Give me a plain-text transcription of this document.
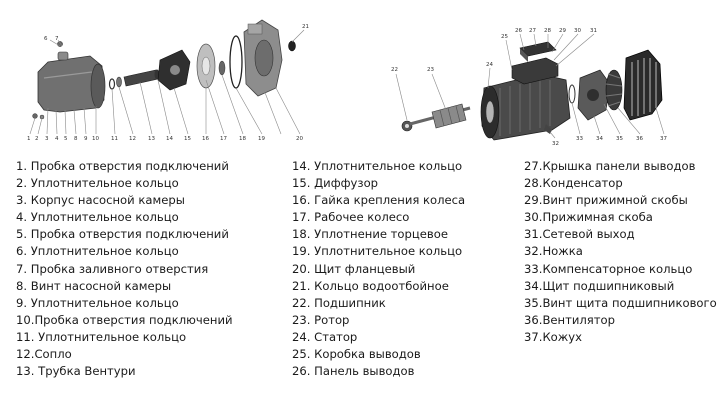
1 2 3 4 5
6 7
8 9 10 11 12 13 14 15 16 17 18 19	20
21
22	23
24
25
26 27 28 29 30 31
32
33 34 35 36	37
1. Пробка отверстия подключений
2. Уплотнительное кольцо
3. Корпус насосной камеры
4. Уплотнительное кольцо
5. Пробка отверстия подключений
6. Уплотнительное кольцо
7. Пробка заливного отверстия
8. Винт насосной камеры
9. Уплотнительное кольцо
10.Пробка отверстия подключений
11. Уплотнительное кольцо
12.Сопло
13. Трубка Вентури
14. Уплотнительное кольцо
15. Диффузор
16. Гайка крепления колеса
17. Рабочее колесо
18. Уплотнение торцевое
19. Уплотнительное кольцо
20. Щит фланцевый
21. Кольцо водоотбойное
22. Подшипник
23. Ротор
24. Статор
25. Коробка выводов
26. Панель выводов
27.Крышка панели выводов
28.Конденсатор
29.Винт прижимной скобы
30.Прижимная скоба
31.Сетевой выход
32.Ножка
33.Компенсаторное кольцо
34.Щит подшипниковый
35.Винт щита подшипникового
36.Вентилятор
37.Кожух
